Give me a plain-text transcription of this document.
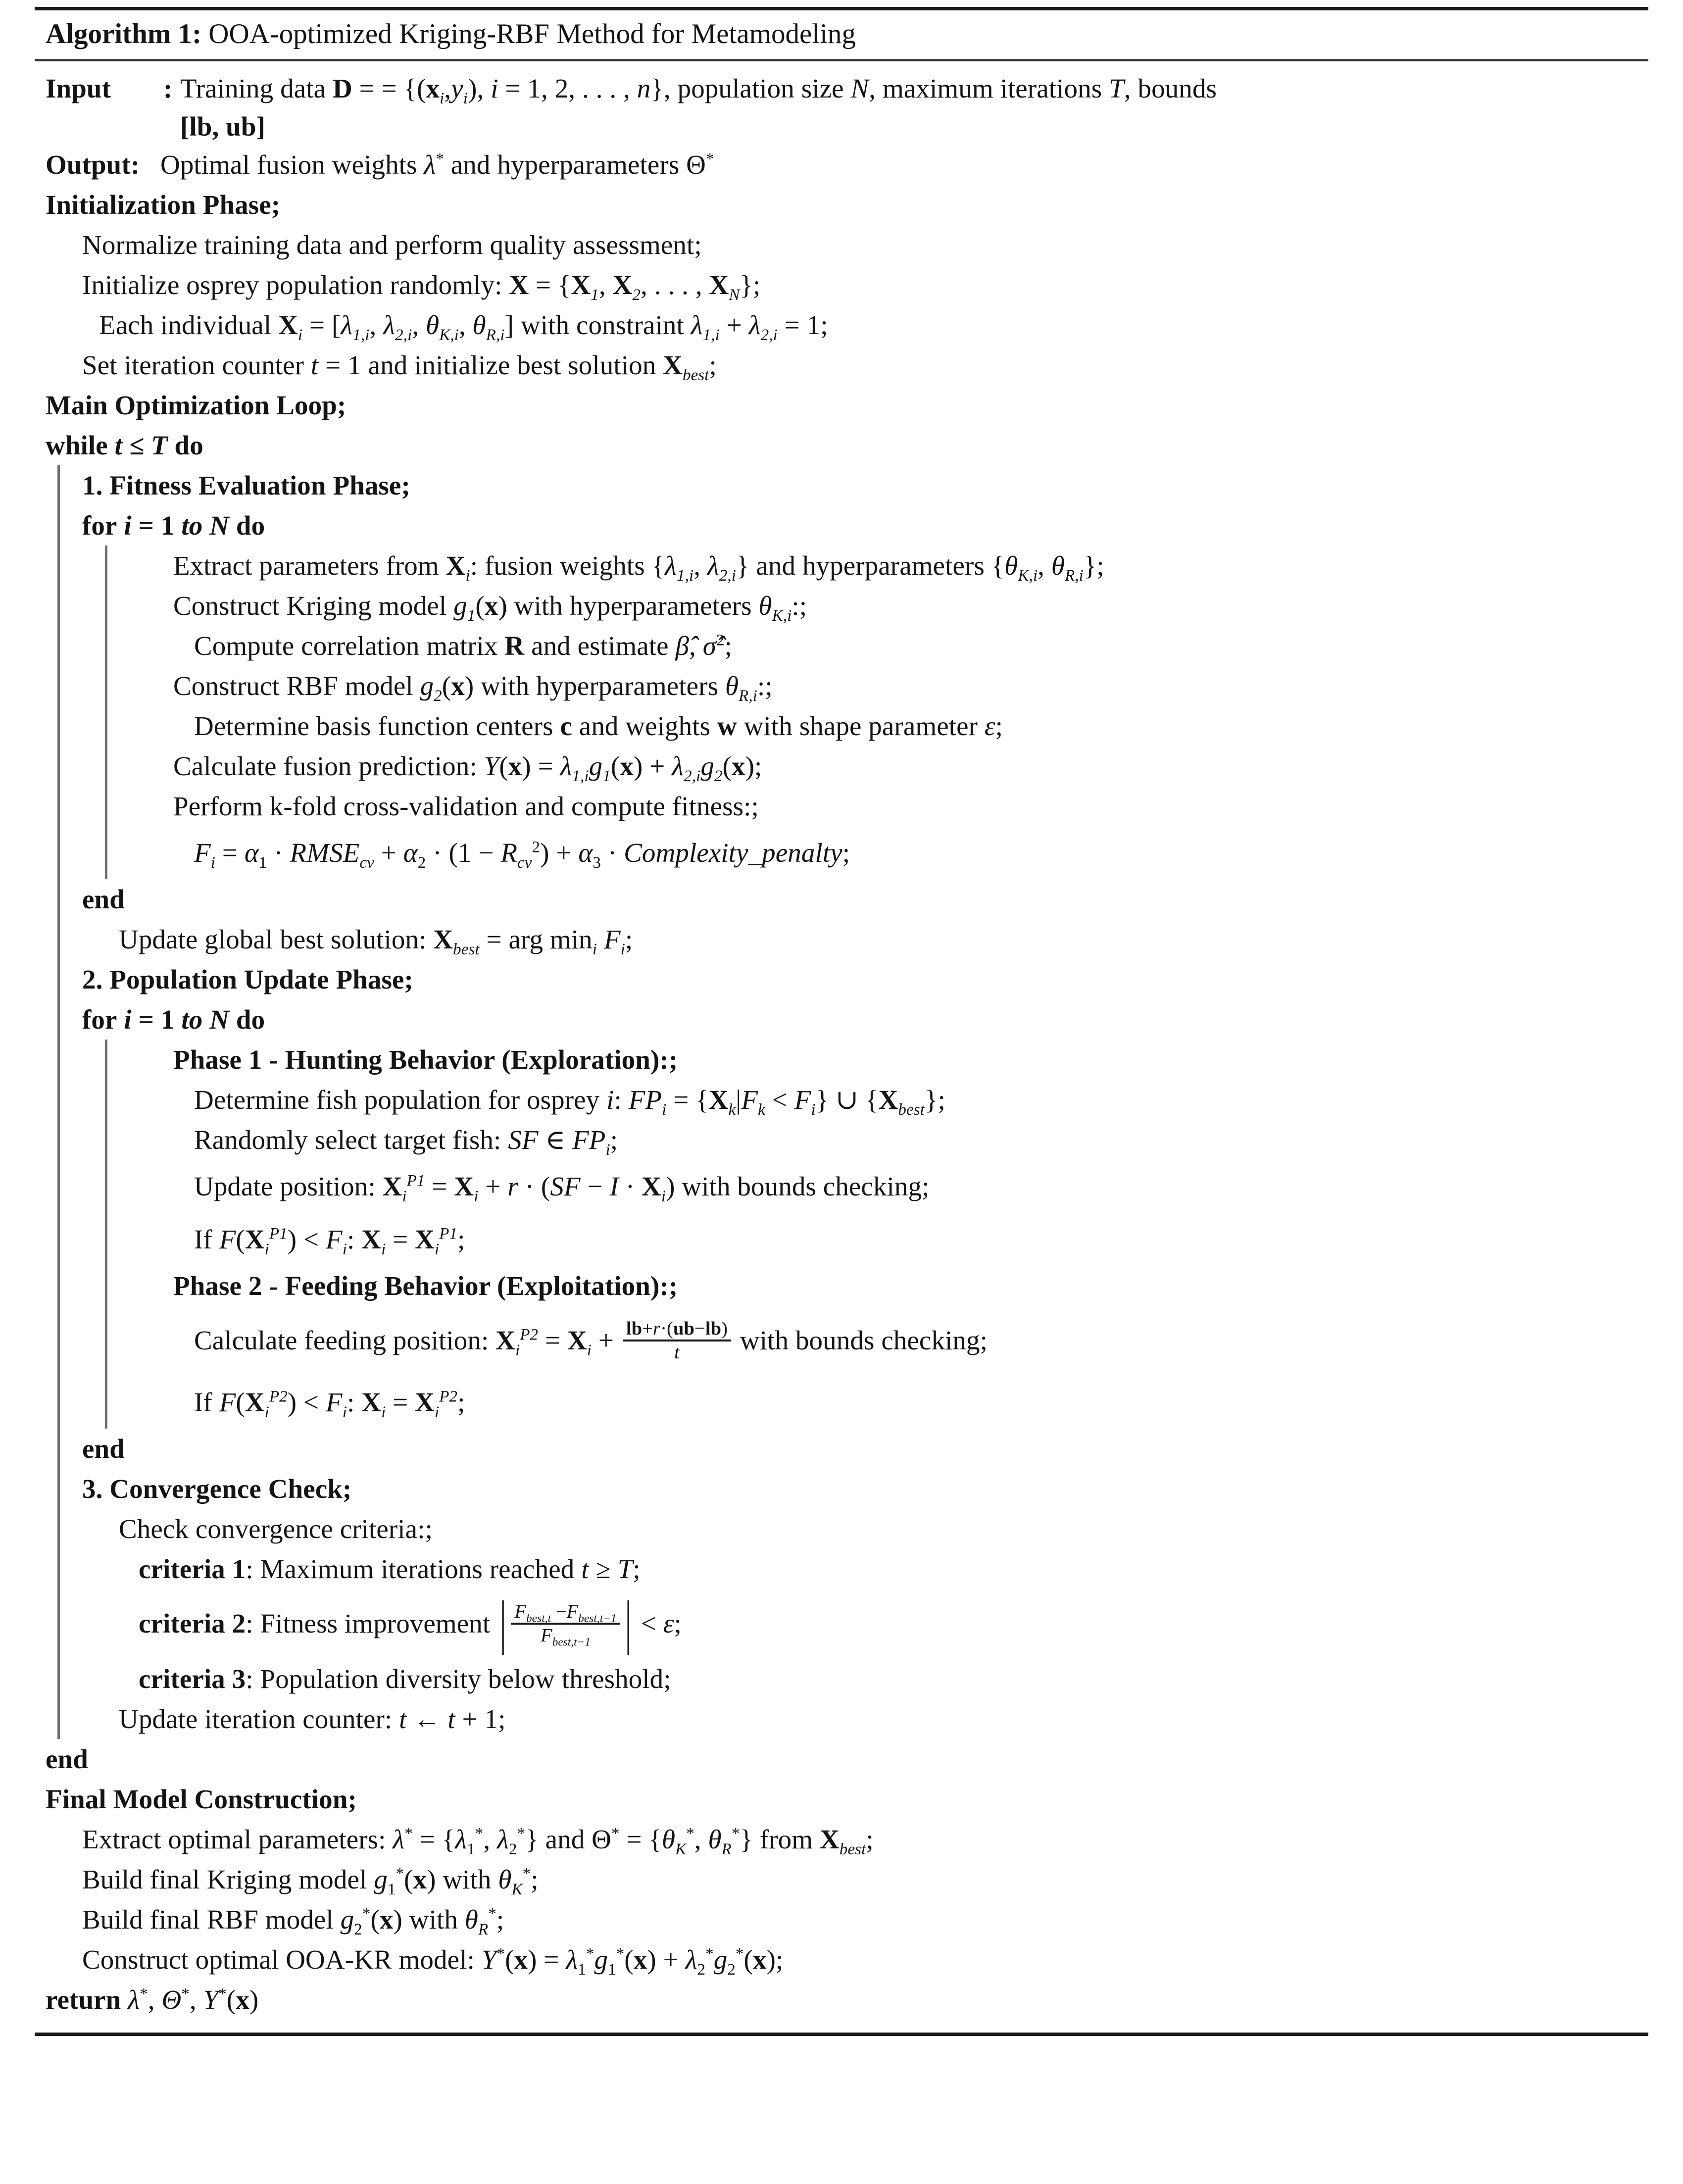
Algorithm 1: OOA-optimized Kriging-RBF Method for Metamodeling
Input	: Training data D = = {$(x_i,y_i)$, i = 1, 2, . . . , n}, population size N, maximum iterations T, bounds
[lb, ub]
Output: Optimal fusion weights λ* and hyperparameters Θ*
Initialization Phase;
Normalize training data and perform quality assessment;
Initialize osprey population randomly: $X = \{X_1$, $X_2$, . . . , $X_N$};
Each individual $X_i = [\lambda_{1,i}$, $\lambda_{2,i}$, $\theta_{K,i}$, $\theta_{R,i}$] with constraint $\lambda_{1,i} + \lambda_{2,i} = 1$;
Set iteration counter t = 1 and initialize best solution $X_{best}$;
Main Optimization Loop;
while t ≤ T do
1. Fitness Evaluation Phase;
for i = 1 to N do
Extract parameters from $X_i$: fusion weights {$\lambda_{1,i}$, $\lambda_{2,i}$} and hyperparameters {$\theta_{K,i}$, $\theta_{R,i}$};
Construct Kriging model $g_1(x)$ with hyperparameters $\theta_{K,i}$:;
Compute correlation matrix R and estimate β̂, σ̂$^2$;
Construct RBF model $g_2(x)$ with hyperparameters $\theta_{R,i}$:;
Determine basis function centers c and weights w with shape parameter ε;
Calculate fusion prediction: $Y(x) = \lambda_{1,i}g_1(x) + \lambda_{2,i}g_2(x)$;
Perform k-fold cross-validation and compute fitness:;
$F_i = \alpha_1$ · $RMSE_{cv} + \alpha_2 \cdot (1 - R_{cv}^2) + \alpha_3$ · Complexity_penalty;
end
Update global best solution: $X_{best}$ = arg $\min_i F_i$;
2. Population Update Phase;
for i = 1 to N do
Phase 1 - Hunting Behavior (Exploration):;
Determine fish population for osprey i: $FP_i = \{X_k|F_k < F_i\}$ ∪ $\{X_{best}\}$;
Randomly select target fish: SF ∈ $FP_i$;
Update position: $X_i^{P1} = X_i + r \cdot (SF - I \cdot X_i)$ with bounds checking;
If $F(X_i^{P1}) < F_i$: $X_i = X_i^{P1}$;
Phase 2 - Feeding Behavior (Exploitation):;
Calculate feeding position: $X_i^{P2} = X_i + \frac{lb+r\cdot(ub-lb)}{t}$ with bounds checking;
If $F(X_i^{P2}) < F_i$: $X_i = X_i^{P2}$;
end
3. Convergence Check;
Check convergence criteria:;
criteria 1: Maximum iterations reached t ≥ T;
criteria 2: Fitness improvement | $\frac{F_{best,t} -F_{best,t-1}}{F_{best,t-1}}$ | < ε;
criteria 3: Population diversity below threshold;
Update iteration counter: t ← t + 1;
end
Final Model Construction;
Extract optimal parameters: $\lambda^* = \{\lambda_1^*$, $\lambda_2^*$} and $\Theta^* = \{\theta_K^*$, $\theta_R^*$} from $X_{best}$;
Build final Kriging model $g_1^*(x)$ with $\theta_K^*$;
Build final RBF model $g_2^*(x)$ with $\theta_R^*$;
Construct optimal OOA-KR model: $Y^*(x) = \lambda_1^*g_1^*(x) + \lambda_2^*g_2^*(x)$;
return λ*, Θ*, Y*(x)
